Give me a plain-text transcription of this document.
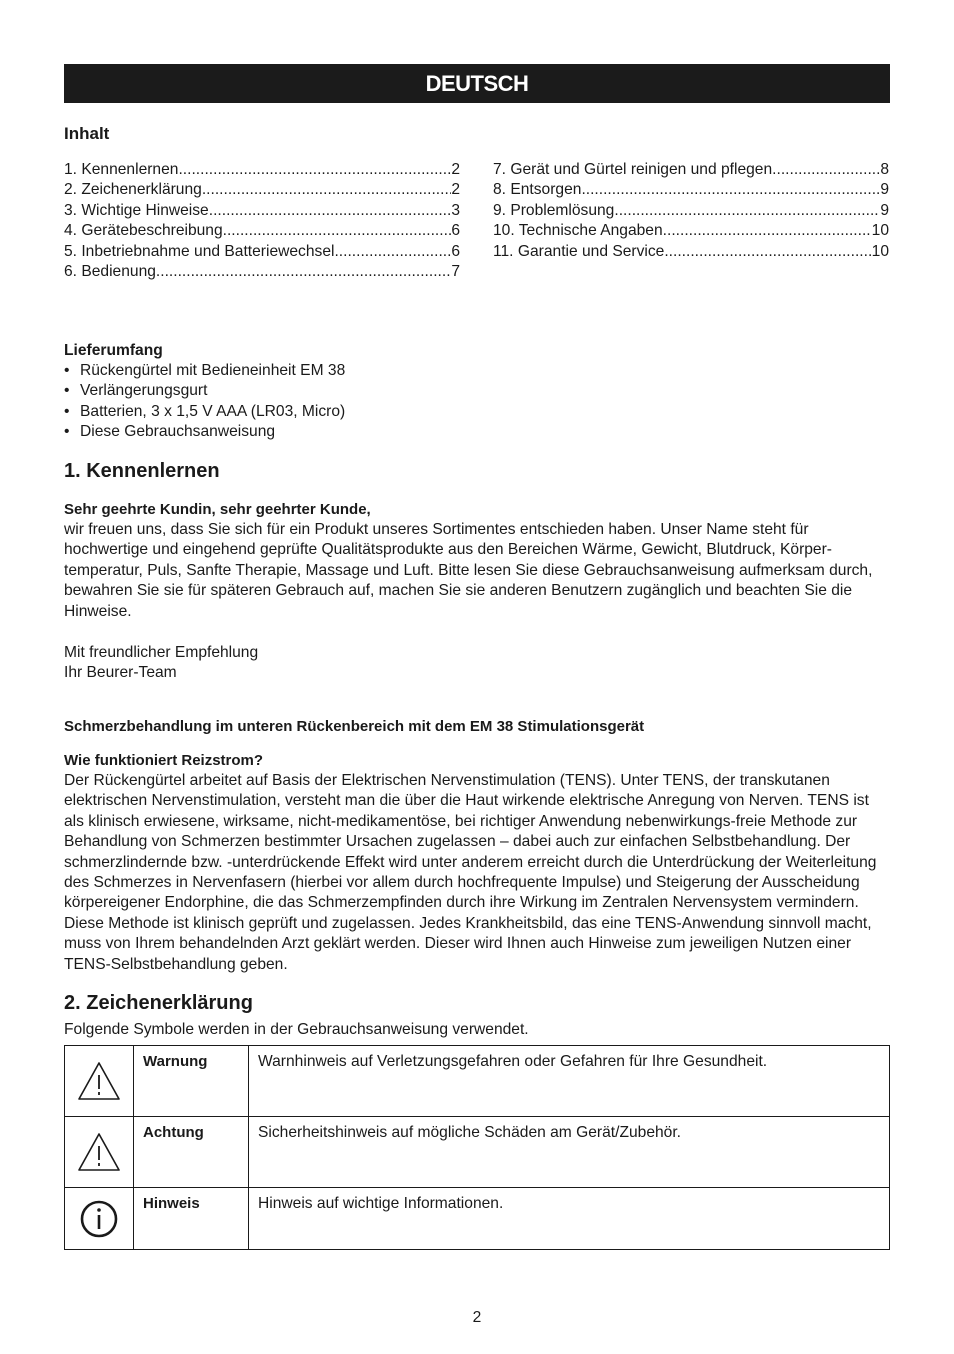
DEUTSCH
Inhalt
1. Kennenlernen .....	2
2. Zeichenerklärung .....	2
3. Wichtige Hinweise .....	3
4. Gerätebeschreibung .....	6
5. Inbetriebnahme und Batteriewechsel .....	6
6. Bedienung .....	7
7. Gerät und Gürtel reinigen und pflegen .....	8
8. Entsorgen .....	9
9. Problemlösung .....	9
10. Technische Angaben .....	10
11. Garantie und Service .....	10
Lieferumfang
• Rückengürtel mit Bedieneinheit EM 38
• Verlängerungsgurt
• Batterien, 3 x 1,5 V AAA (LR03, Micro)
• Diese Gebrauchsanweisung
1. Kennenlernen
Sehr geehrte Kundin, sehr geehrter Kunde,
wir freuen uns, dass Sie sich für ein Produkt unseres Sortimentes entschieden haben. Unser Name steht für hochwertige und eingehend geprüfte Qualitätsprodukte aus den Bereichen Wärme, Gewicht, Blutdruck, Körper-temperatur, Puls, Sanfte Therapie, Massage und Luft. Bitte lesen Sie diese Gebrauchsanweisung aufmerksam durch, bewahren Sie sie für späteren Gebrauch auf, machen Sie sie anderen Benutzern zugänglich und beachten Sie die Hinweise.
Mit freundlicher Empfehlung
Ihr Beurer-Team
Schmerzbehandlung im unteren Rückenbereich mit dem EM 38 Stimulationsgerät
Wie funktioniert Reizstrom?
Der Rückengürtel arbeitet auf Basis der Elektrischen Nervenstimulation (TENS). Unter TENS, der transkutanen elektrischen Nervenstimulation, versteht man die über die Haut wirkende elektrische Anregung von Nerven. TENS ist als klinisch erwiesene, wirksame, nicht-medikamentöse, bei richtiger Anwendung nebenwirkungs-freie Methode zur Behandlung von Schmerzen bestimmter Ursachen zugelassen – dabei auch zur einfachen Selbstbehandlung. Der schmerzlindernde bzw. -unterdrückende Effekt wird unter anderem erreicht durch die Unterdrückung der Weiterleitung des Schmerzes in Nervenfasern (hierbei vor allem durch hochfrequente Impulse) und Steigerung der Ausscheidung körpereigener Endorphine, die das Schmerzempfinden durch ihre Wirkung im Zentralen Nervensystem vermindern. Diese Methode ist klinisch geprüft und zugelassen. Jedes Krankheitsbild, das eine TENS-Anwendung sinnvoll macht, muss von Ihrem behandelnden Arzt geklärt werden. Dieser wird Ihnen auch Hinweise zum jeweiligen Nutzen einer TENS-Selbstbehandlung geben.
2. Zeichenerklärung
Folgende Symbole werden in der Gebrauchsanweisung verwendet.
	Warnung	Warnhinweis auf Verletzungsgefahren oder Gefahren für Ihre Gesundheit.

	Achtung	Sicherheitshinweis auf mögliche Schäden am Gerät/Zubehör.

	Hinweis	Hinweis auf wichtige Informationen.
2
